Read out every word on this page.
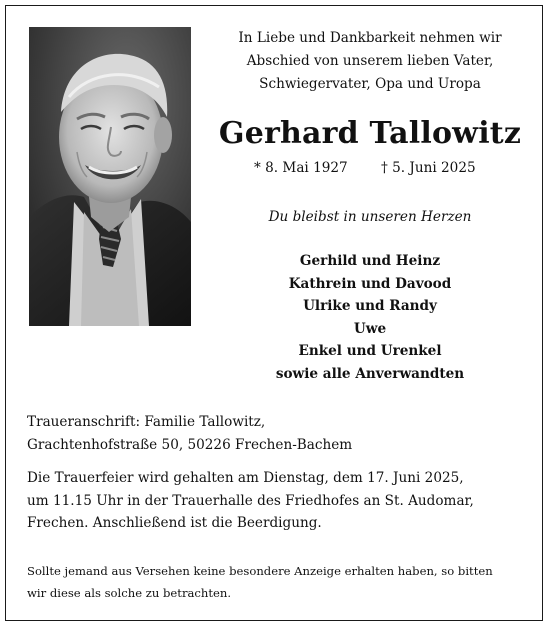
In Liebe und Dankbarkeit nehmen wir
Abschied von unserem lieben Vater,
Schwiegervater, Opa und Uropa
Gerhard Tallowitz
* 8. Mai 1927 † 5. Juni 2025
Du bleibst in unseren Herzen
Gerhild und Heinz
Kathrein und Davood
Ulrike und Randy
Uwe
Enkel und Urenkel
sowie alle Anverwandten
Traueranschrift: Familie Tallowitz,
Grachtenhofstraße 50, 50226 Frechen-Bachem
Die Trauerfeier wird gehalten am Dienstag, dem 17. Juni 2025,
um 11.15 Uhr in der Trauerhalle des Friedhofes an St. Audomar,
Frechen. Anschließend ist die Beerdigung.
Sollte jemand aus Versehen keine besondere Anzeige erhalten haben, so bitten
wir diese als solche zu betrachten.
